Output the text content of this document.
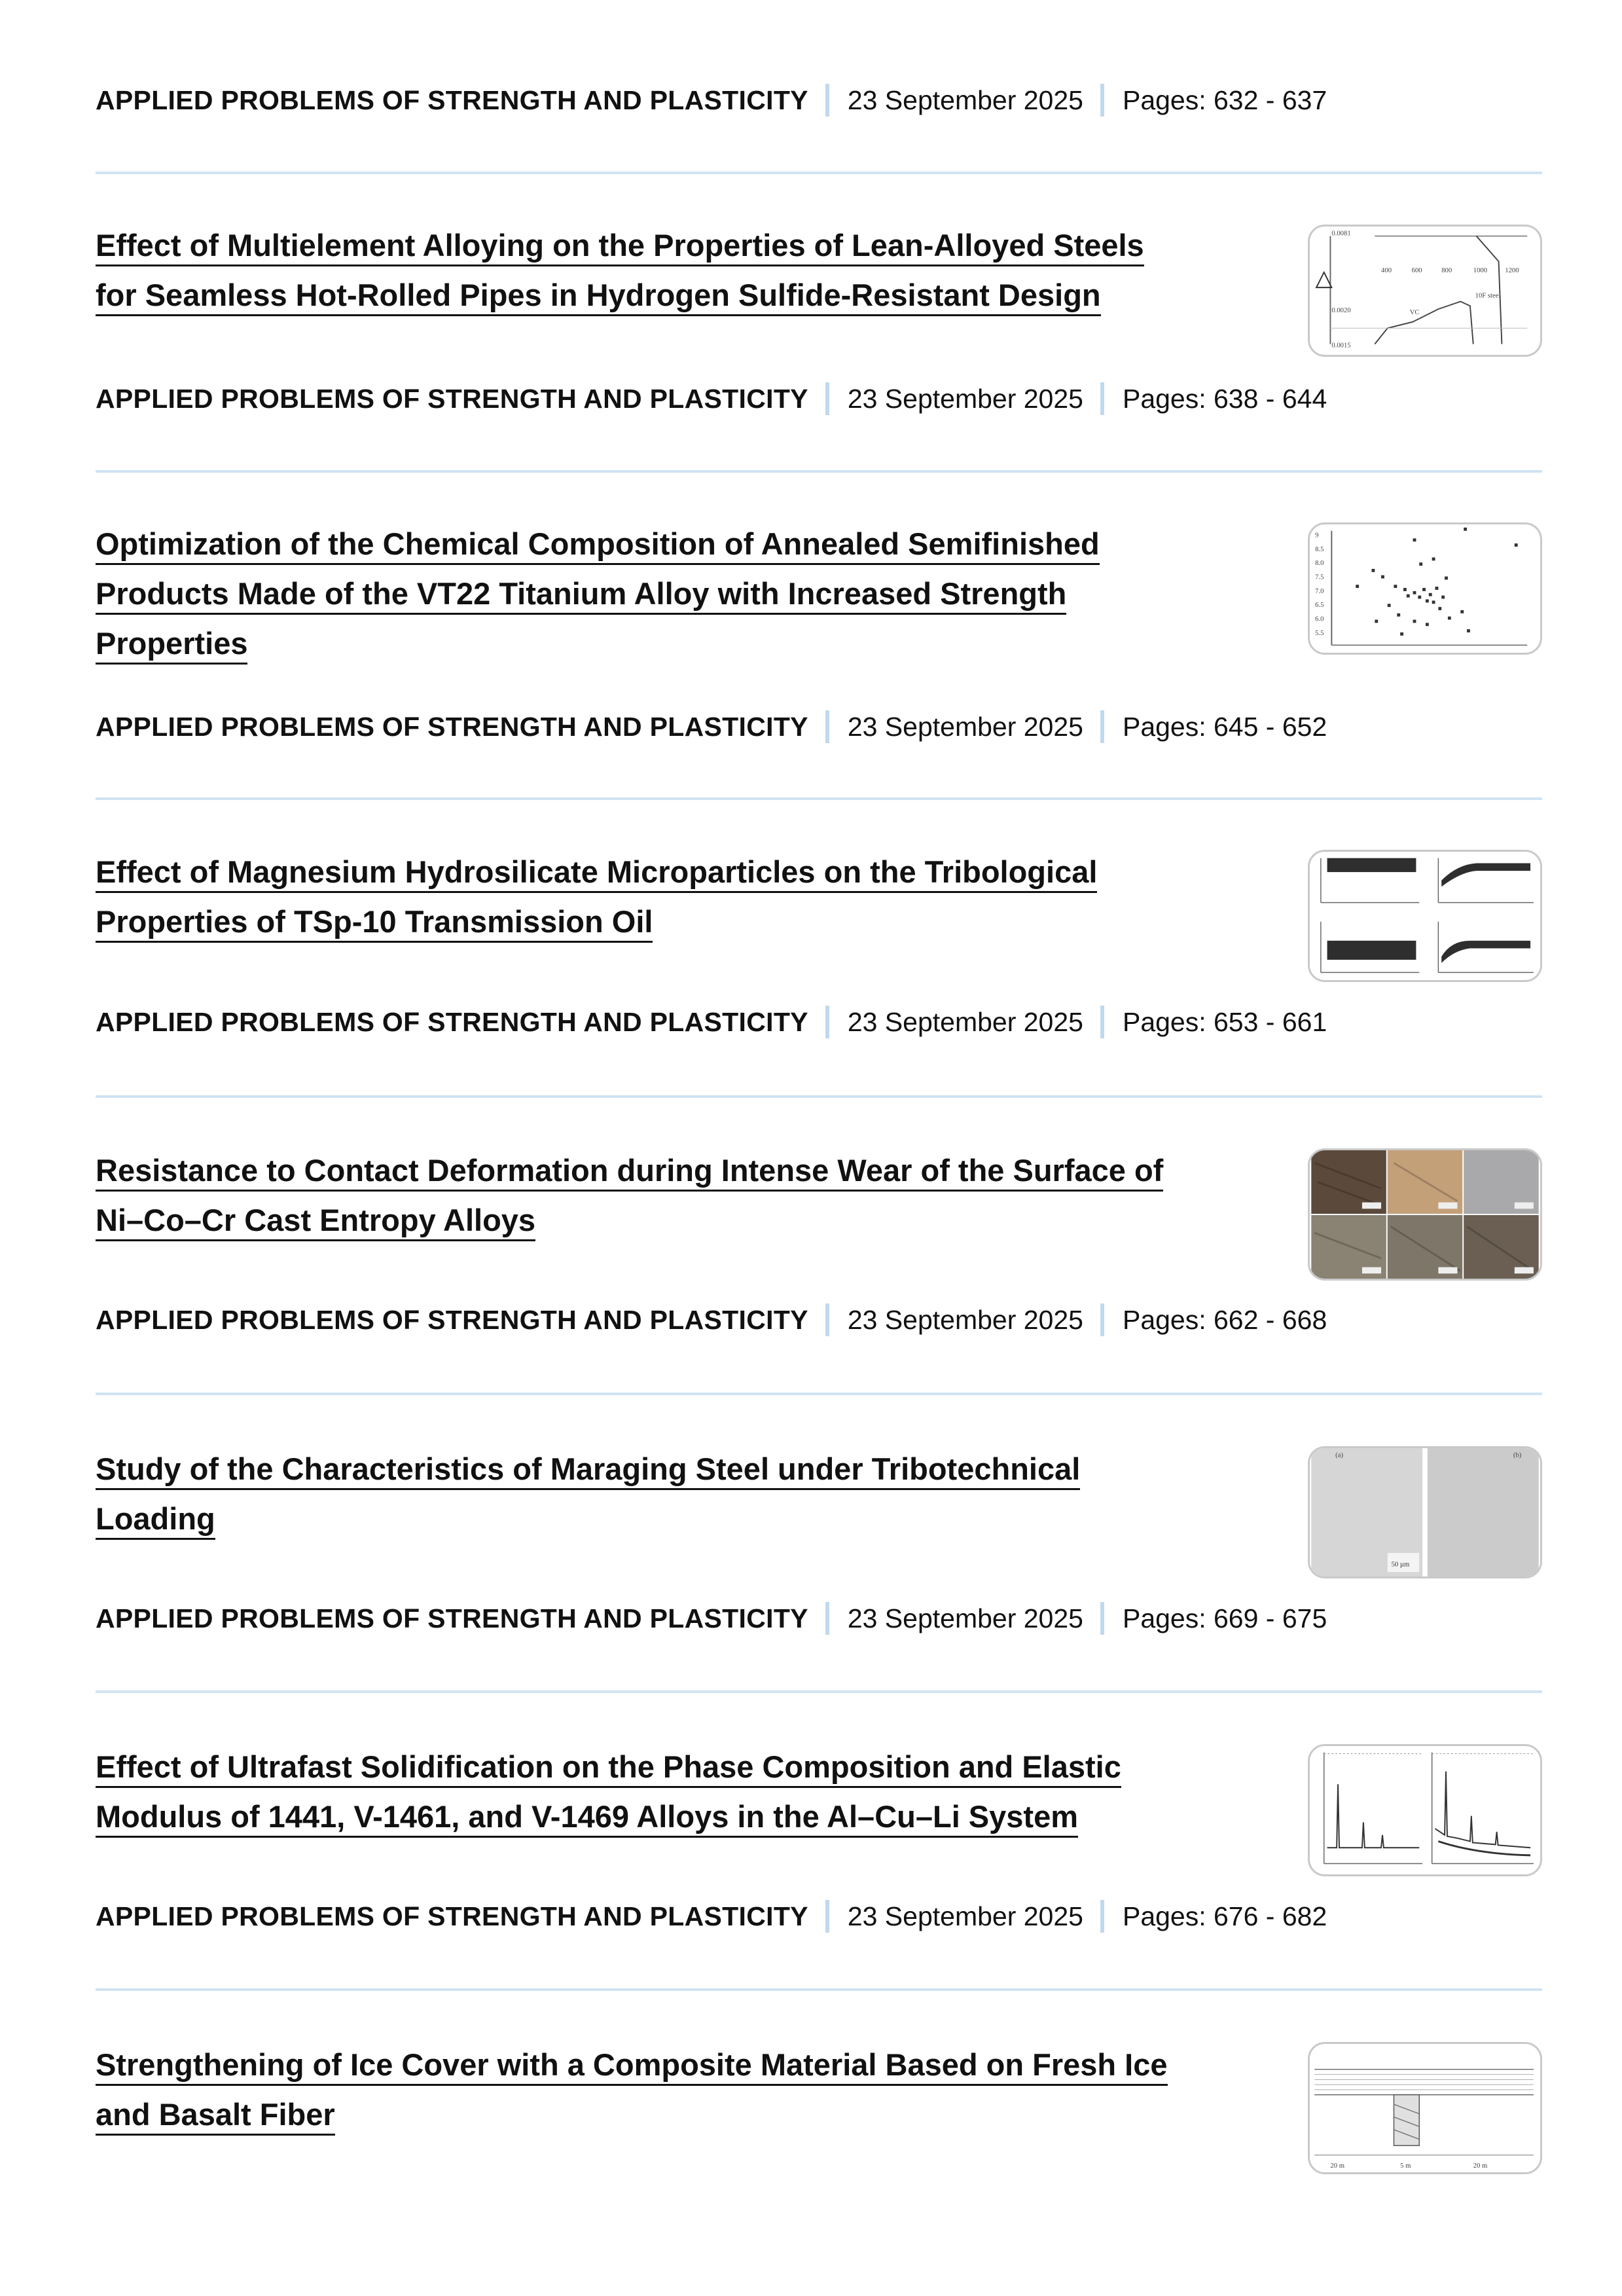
APPLIED PROBLEMS OF STRENGTH AND PLASTICITY 23 September 2025 Pages: 632 - 637
Effect of Multielement Alloying on the Properties of Lean-Alloyed Steels
for Seamless Hot-Rolled Pipes in Hydrogen Sulfide-Resistant Design
0.0081
400	600	800	1000 1200
10F steel
0.0020	VC
0.0015
APPLIED PROBLEMS OF STRENGTH AND PLASTICITY 23 September 2025 Pages: 638 - 644
Optimization of the Chemical Composition of Annealed Semifinished
Products Made of the VT22 Titanium Alloy with Increased Strength
Properties
9
8.5
8.0
7.5
7.0
6.5
6.0
5.5
APPLIED PROBLEMS OF STRENGTH AND PLASTICITY 23 September 2025 Pages: 645 - 652
Effect of Magnesium Hydrosilicate Microparticles on the Tribological
Properties of TSp-10 Transmission Oil
APPLIED PROBLEMS OF STRENGTH AND PLASTICITY 23 September 2025 Pages: 653 - 661
Resistance to Contact Deformation during Intense Wear of the Surface of
Ni–Co–Cr Cast Entropy Alloys
APPLIED PROBLEMS OF STRENGTH AND PLASTICITY 23 September 2025 Pages: 662 - 668
Study of the Characteristics of Maraging Steel under Tribotechnical
Loading
(a)	(b)
50 µm
APPLIED PROBLEMS OF STRENGTH AND PLASTICITY 23 September 2025 Pages: 669 - 675
Effect of Ultrafast Solidification on the Phase Composition and Elastic
Modulus of 1441, V-1461, and V-1469 Alloys in the Al–Cu–Li System
APPLIED PROBLEMS OF STRENGTH AND PLASTICITY 23 September 2025 Pages: 676 - 682
Strengthening of Ice Cover with a Composite Material Based on Fresh Ice
and Basalt Fiber
20 m	5 m	20 m
